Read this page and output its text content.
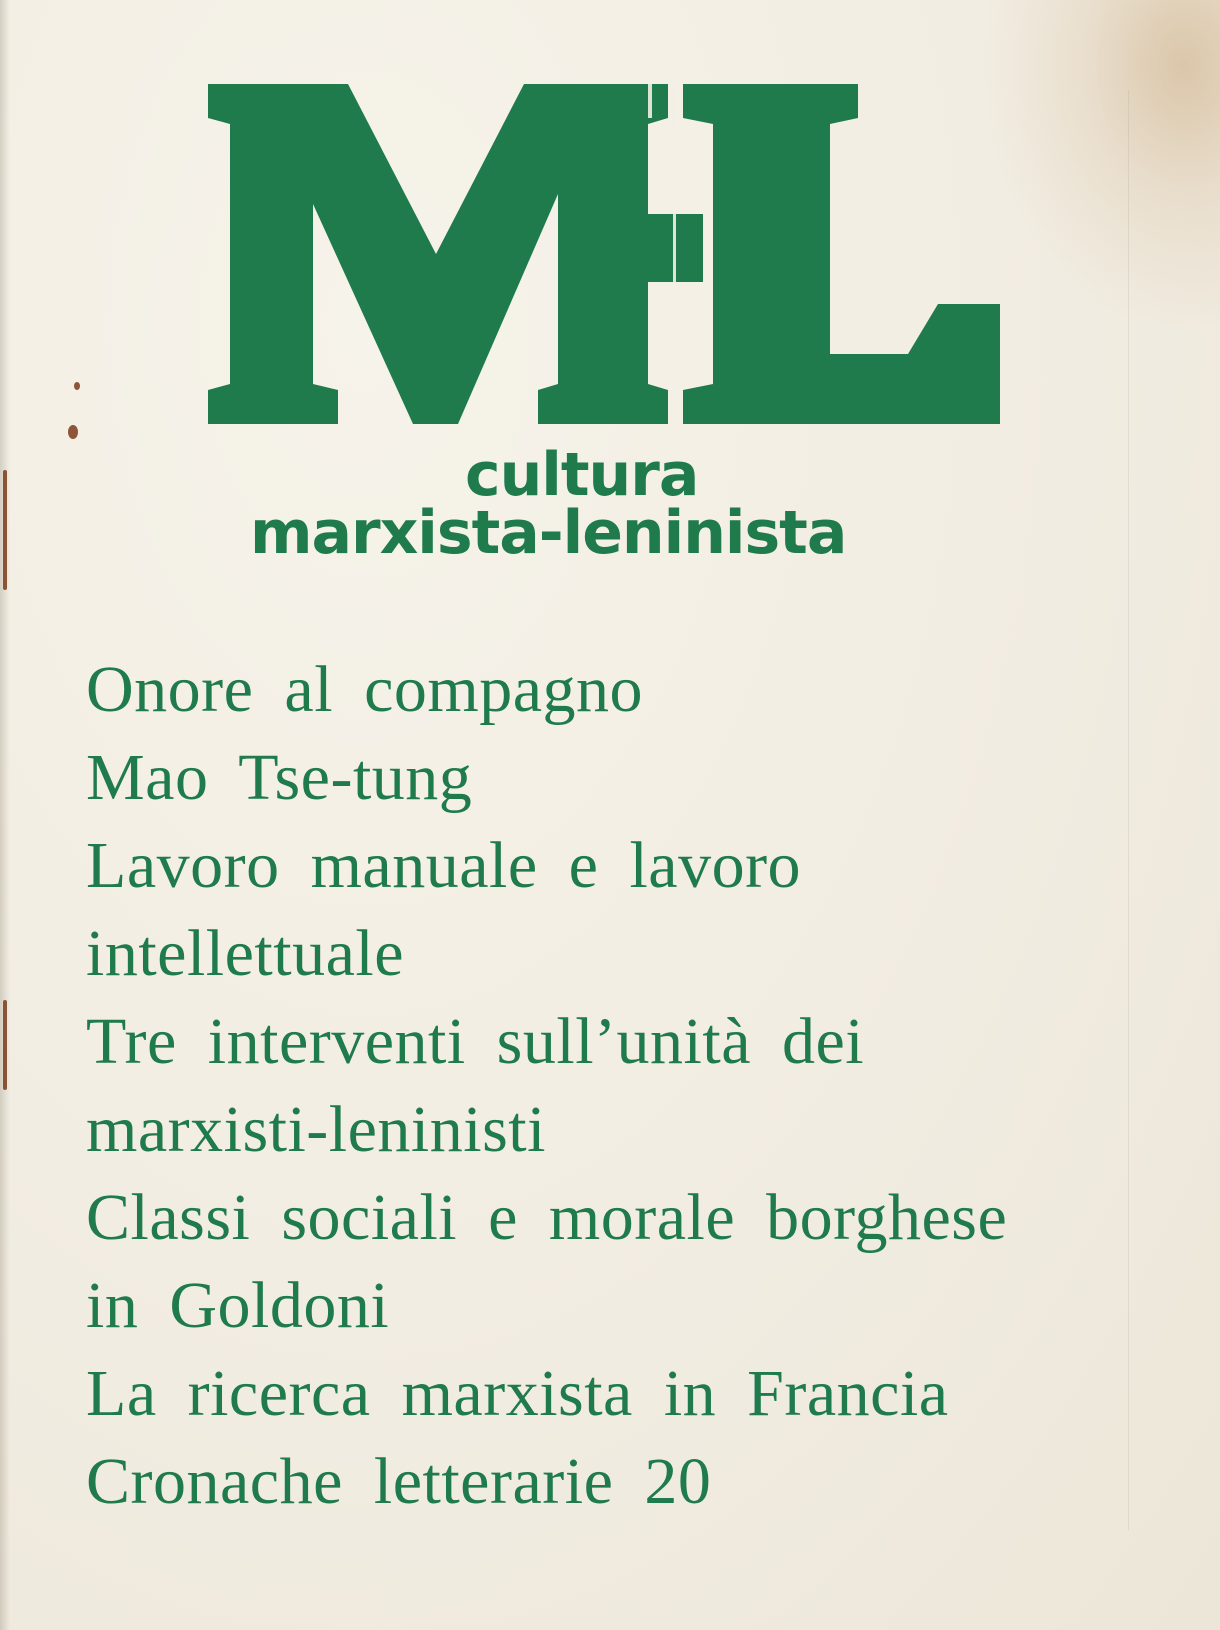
cultura
marxista-leninista
Onore al compagno
Mao Tse-tung
Lavoro manuale e lavoro
intellettuale
Tre interventi sull’unità dei
marxisti-leninisti
Classi sociali e morale borghese
in Goldoni
La ricerca marxista in Francia
Cronache letterarie 20
